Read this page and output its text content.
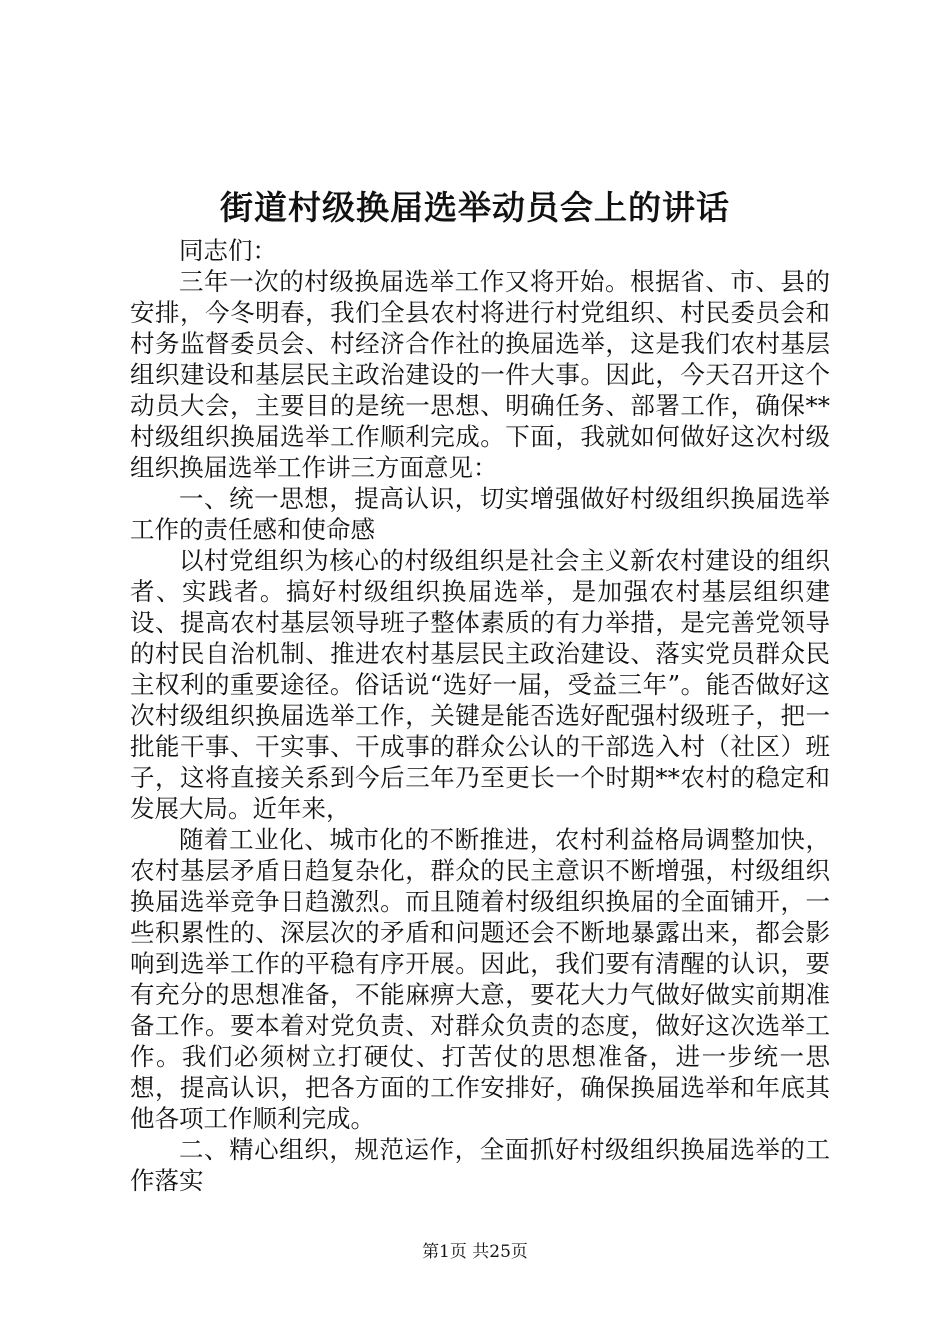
街道村级换届选举动员会上的讲话

同志们：

三年一次的村级换届选举工作又将开始。根据省、市、县的安排，今冬明春，我们全县农村将进行村党组织、村民委员会和村务监督委员会、村经济合作社的换届选举，这是我们农村基层组织建设和基层民主政治建设的一件大事。因此，今天召开这个动员大会，主要目的是统一思想、明确任务、部署工作，确保**村级组织换届选举工作顺利完成。下面，我就如何做好这次村级组织换届选举工作讲三方面意见：

一、统一思想，提高认识，切实增强做好村级组织换届选举工作的责任感和使命感

以村党组织为核心的村级组织是社会主义新农村建设的组织者、实践者。搞好村级组织换届选举，是加强农村基层组织建设、提高农村基层领导班子整体素质的有力举措，是完善党领导的村民自治机制、推进农村基层民主政治建设、落实党员群众民主权利的重要途径。俗话说“选好一届，受益三年”。能否做好这次村级组织换届选举工作，关键是能否选好配强村级班子，把一批能干事、干实事、干成事的群众公认的干部选入村（社区）班子，这将直接关系到今后三年乃至更长一个时期**农村的稳定和发展大局。近年来，

随着工业化、城市化的不断推进，农村利益格局调整加快，农村基层矛盾日趋复杂化，群众的民主意识不断增强，村级组织换届选举竞争日趋激烈。而且随着村级组织换届的全面铺开，一些积累性的、深层次的矛盾和问题还会不断地暴露出来，都会影响到选举工作的平稳有序开展。因此，我们要有清醒的认识，要有充分的思想准备，不能麻痹大意，要花大力气做好做实前期准备工作。要本着对党负责、对群众负责的态度，做好这次选举工作。我们必须树立打硬仗、打苦仗的思想准备，进一步统一思想，提高认识，把各方面的工作安排好，确保换届选举和年底其他各项工作顺利完成。

二、精心组织，规范运作，全面抓好村级组织换届选举的工作落实

第1页 共25页
